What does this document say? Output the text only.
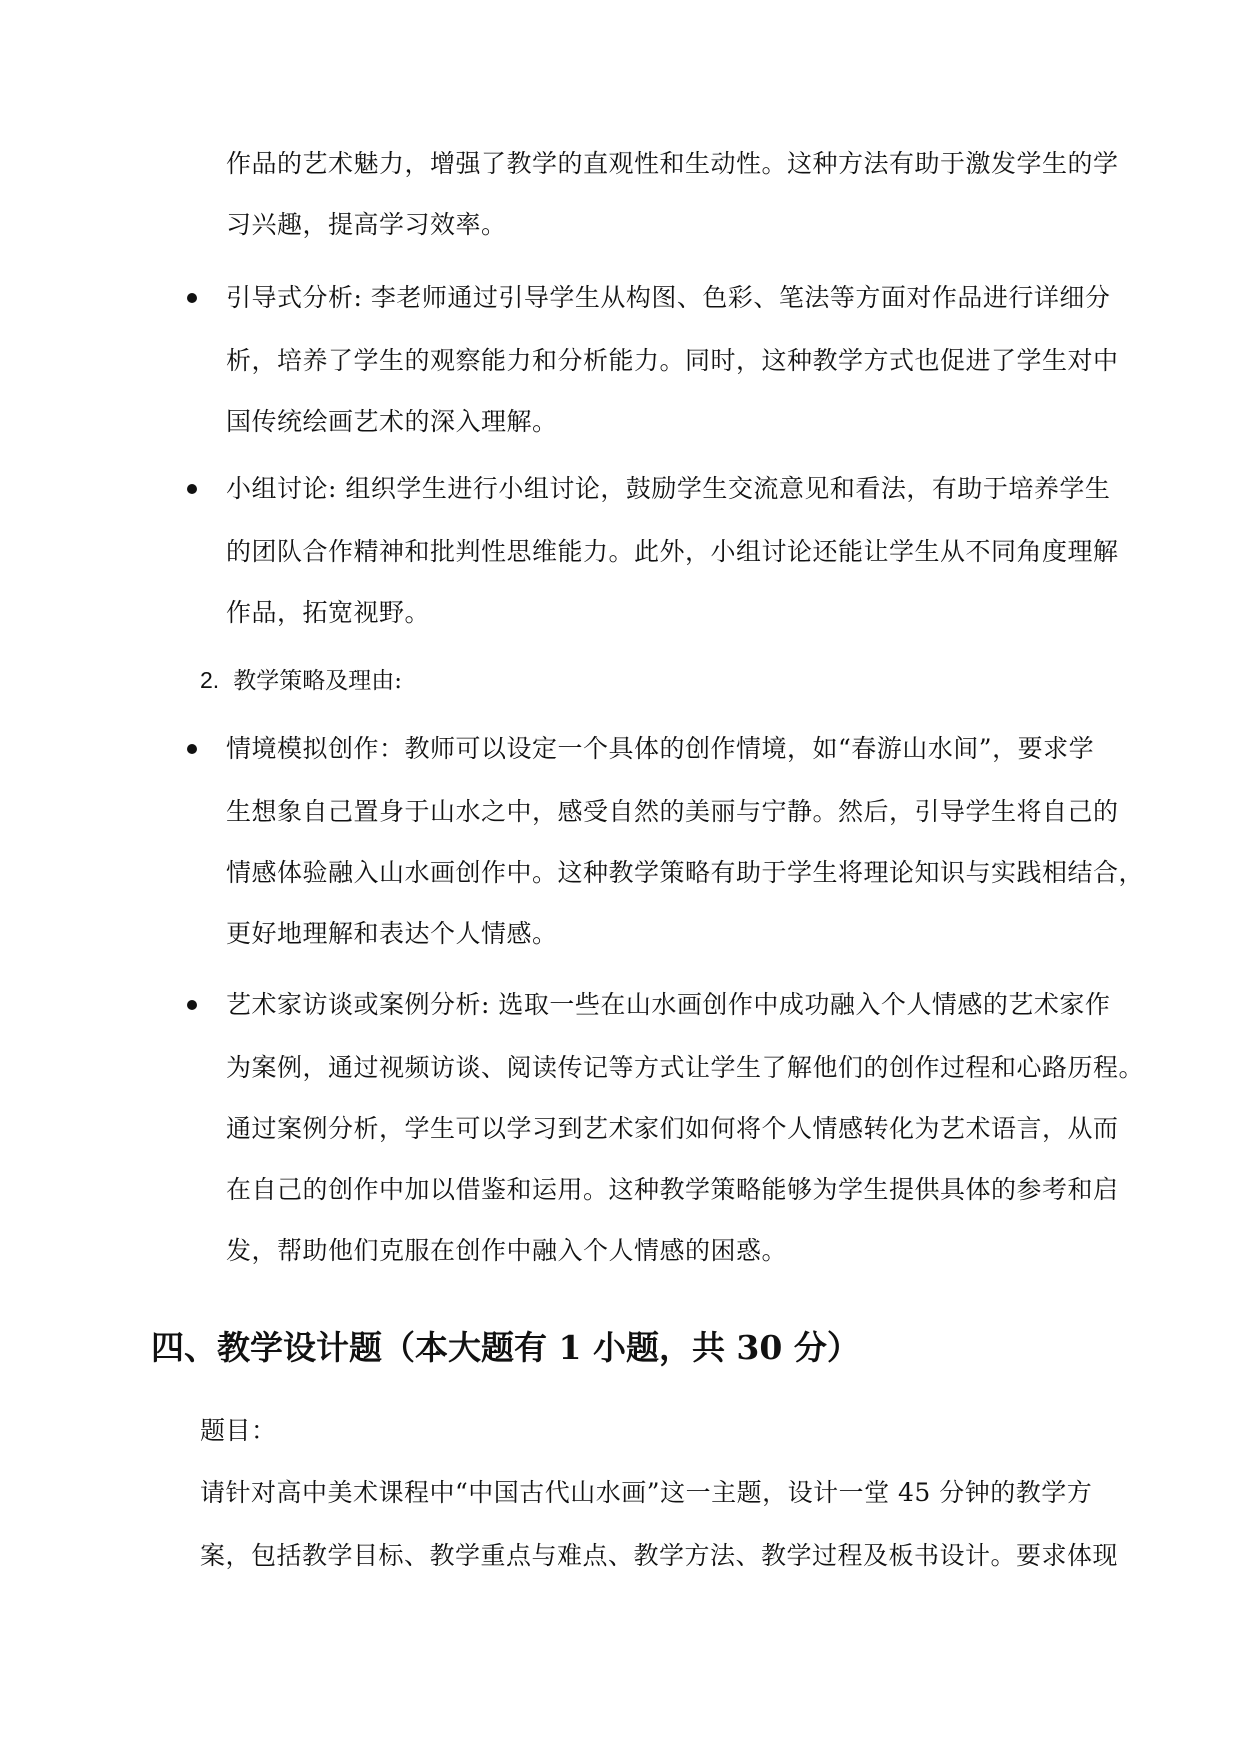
作品的艺术魅力，增强了教学的直观性和生动性。这种方法有助于激发学生的学
习兴趣，提高学习效率。
引导式分析: 李老师通过引导学生从构图、色彩、笔法等方面对作品进行详细分
析，培养了学生的观察能力和分析能力。同时，这种教学方式也促进了学生对中
国传统绘画艺术的深入理解。
小组讨论: 组织学生进行小组讨论，鼓励学生交流意见和看法，有助于培养学生
的团队合作精神和批判性思维能力。此外，小组讨论还能让学生从不同角度理解
作品，拓宽视野。
2. 教学策略及理由:
情境模拟创作：教师可以设定一个具体的创作情境，如“春游山水间”，要求学
生想象自己置身于山水之中，感受自然的美丽与宁静。然后，引导学生将自己的
情感体验融入山水画创作中。这种教学策略有助于学生将理论知识与实践相结合，
更好地理解和表达个人情感。
艺术家访谈或案例分析: 选取一些在山水画创作中成功融入个人情感的艺术家作
为案例，通过视频访谈、阅读传记等方式让学生了解他们的创作过程和心路历程。
通过案例分析，学生可以学习到艺术家们如何将个人情感转化为艺术语言，从而
在自己的创作中加以借鉴和运用。这种教学策略能够为学生提供具体的参考和启
发，帮助他们克服在创作中融入个人情感的困惑。
四、教学设计题（本大题有 1 小题，共 30 分）
题目：
请针对高中美术课程中“中国古代山水画”这一主题，设计一堂 45 分钟的教学方
案，包括教学目标、教学重点与难点、教学方法、教学过程及板书设计。要求体现
